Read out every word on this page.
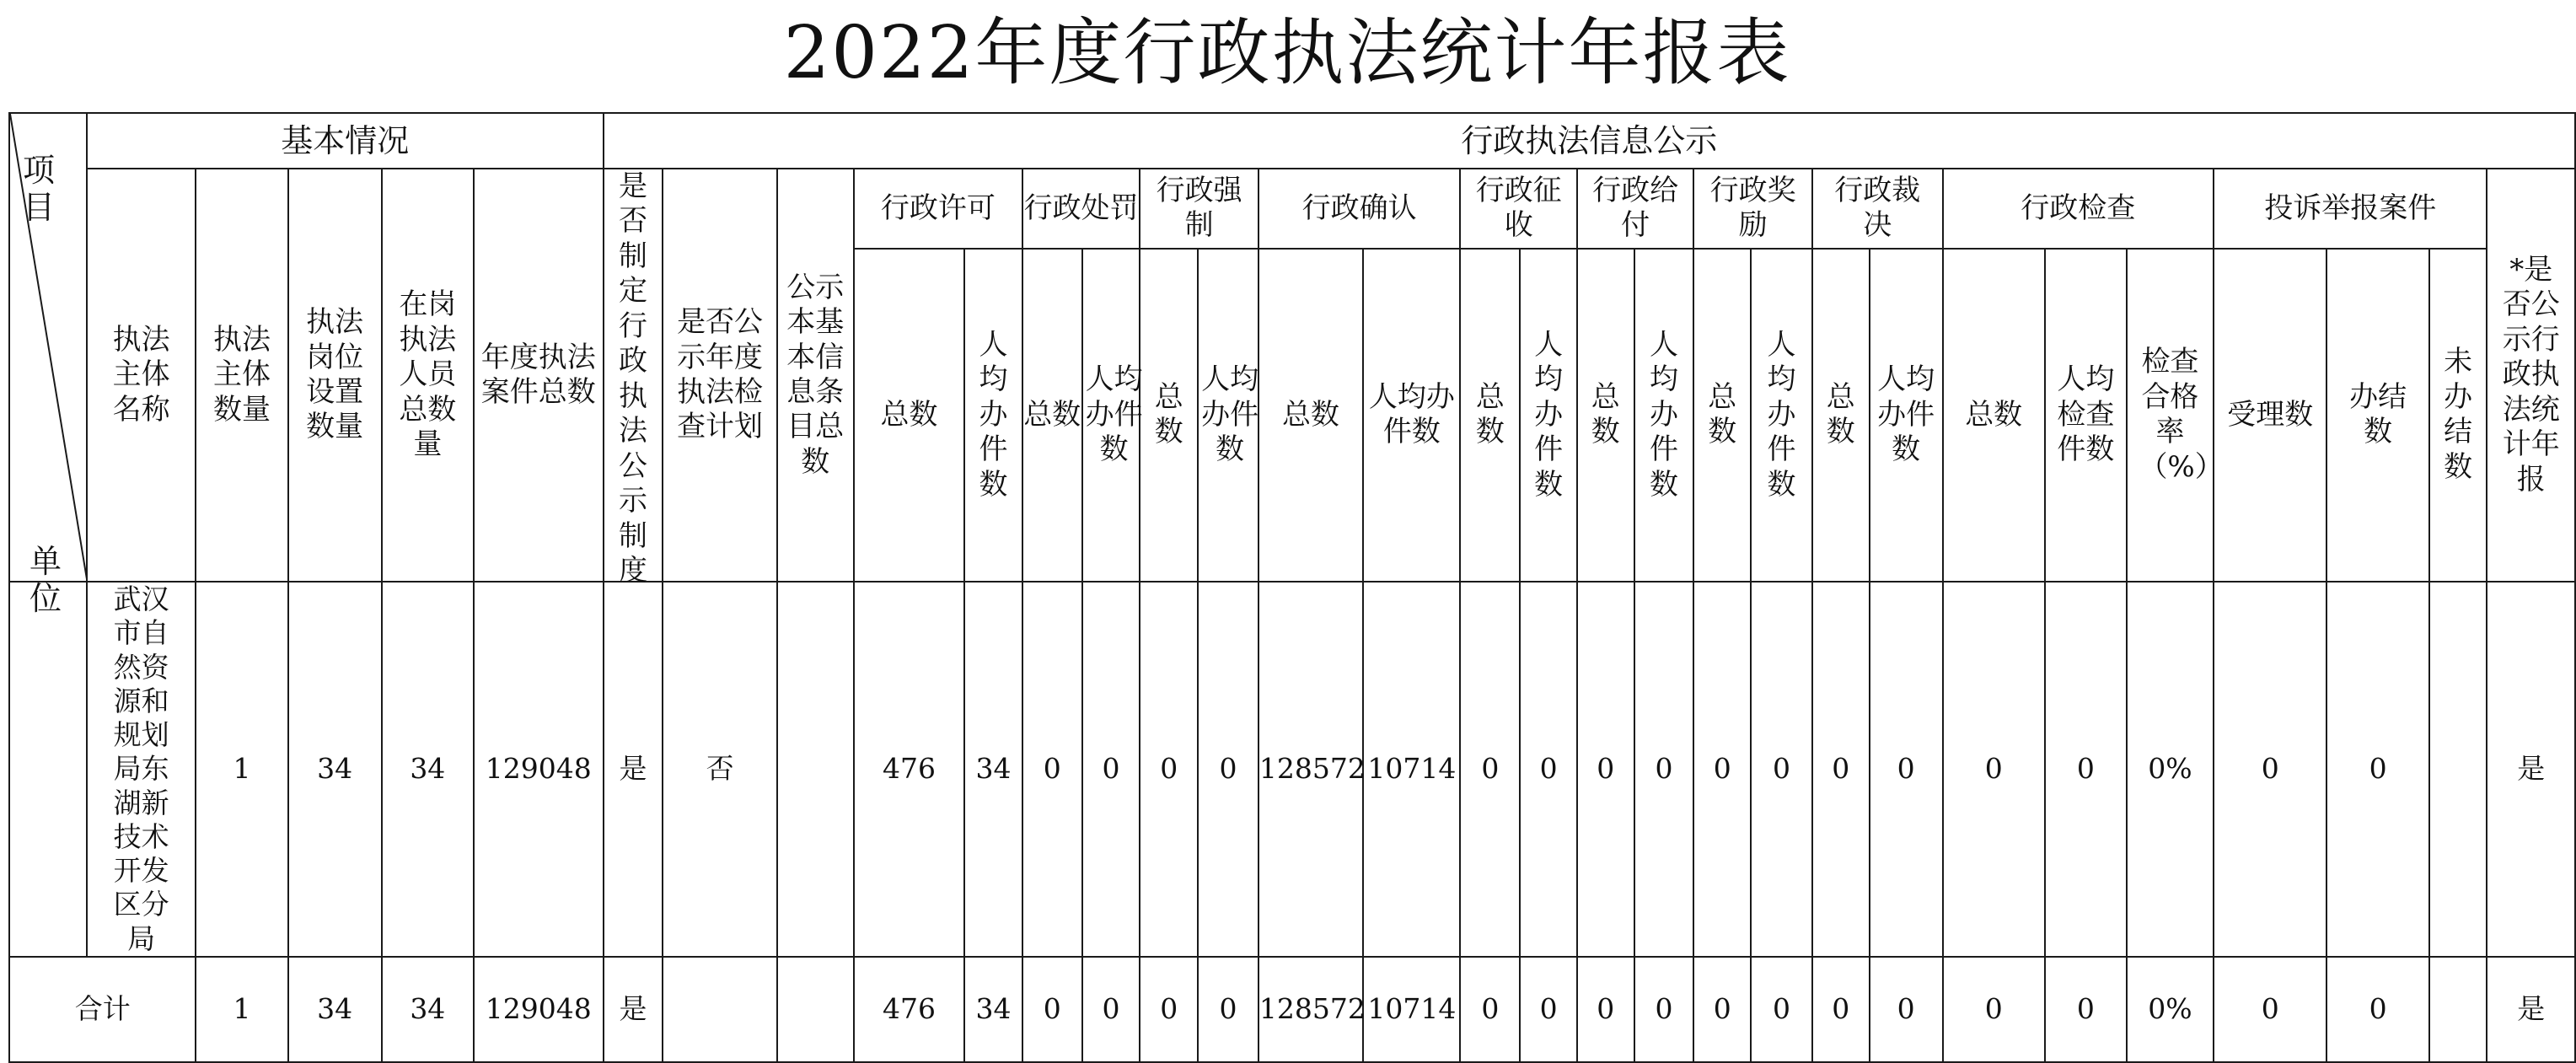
2022年度行政执法统计年报表
项目
单位	基本情况					行政执法信息公示																									
	执法主体名称	执法主体数量	执法岗位设置数量	在岗执法人员总数量	年度执法案件总数	是否制定行政执法公示制度	是否公示年度执法检查计划	公示本基本信息条目总数	行政许可		行政处罚		行政强制		行政确认		行政征收		行政给付		行政奖励		行政裁决		行政检查			投诉举报案件			*是否公示行政执法统计年报
									总数	人均办件数	总数	人均办件数	总数	人均办件数	总数	人均办件数	总数	人均办件数	总数	人均办件数	总数	人均办件数	总数	人均办件数	总数	人均检查件数	检查合格率（%）	受理数	办结数	未办结数	
	武汉市自然资源和规划局东湖新技术开发区分局	1	34	34	129048	是	否		476	34	0	0	0	0	128572	10714	0	0	0	0	0	0	0	0	0	0	0%	0	0		是
合计		1	34	34	129048	是			476	34	0	0	0	0	128572	10714	0	0	0	0	0	0	0	0	0	0	0%	0	0		是
